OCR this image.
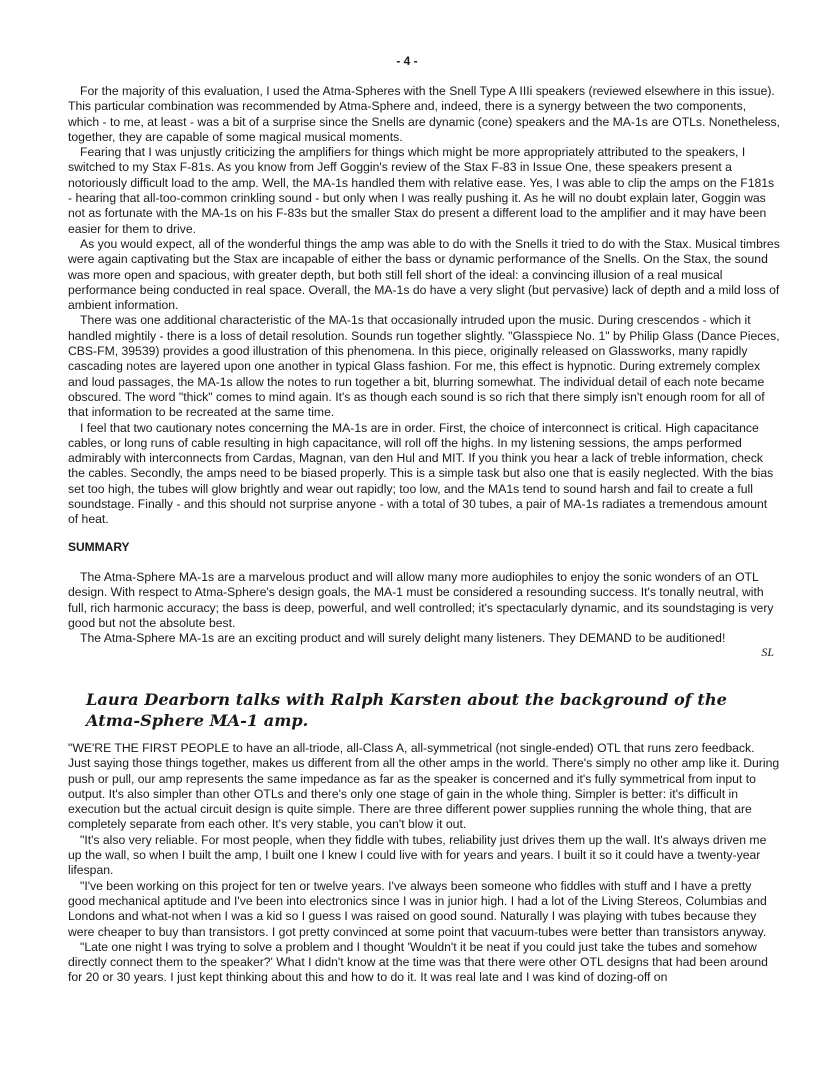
- 4 -

For the majority of this evaluation, I used the Atma-Spheres with the Snell Type A IIIi speakers (reviewed elsewhere in this issue). This particular combination was recommended by Atma-Sphere and, indeed, there is a synergy between the two components, which - to me, at least - was a bit of a surprise since the Snells are dynamic (cone) speakers and the MA-1s are OTLs. Nonetheless, together, they are capable of some magical musical moments.

Fearing that I was unjustly criticizing the amplifiers for things which might be more appropriately attributed to the speakers, I switched to my Stax F-81s. As you know from Jeff Goggin's review of the Stax F-83 in Issue One, these speakers present a notoriously difficult load to the amp. Well, the MA-1s handled them with relative ease. Yes, I was able to clip the amps on the F181s - hearing that all-too-common crinkling sound - but only when I was really pushing it. As he will no doubt explain later, Goggin was not as fortunate with the MA-1s on his F-83s but the smaller Stax do present a different load to the amplifier and it may have been easier for them to drive.

As you would expect, all of the wonderful things the amp was able to do with the Snells it tried to do with the Stax. Musical timbres were again captivating but the Stax are incapable of either the bass or dynamic performance of the Snells. On the Stax, the sound was more open and spacious, with greater depth, but both still fell short of the ideal: a convincing illusion of a real musical performance being conducted in real space. Overall, the MA-1s do have a very slight (but pervasive) lack of depth and a mild loss of ambient information.

There was one additional characteristic of the MA-1s that occasionally intruded upon the music. During crescendos - which it handled mightily - there is a loss of detail resolution. Sounds run together slightly. "Glasspiece No. 1" by Philip Glass (Dance Pieces, CBS-FM, 39539) provides a good illustration of this phenomena. In this piece, originally released on Glassworks, many rapidly cascading notes are layered upon one another in typical Glass fashion. For me, this effect is hypnotic. During extremely complex and loud passages, the MA-1s allow the notes to run together a bit, blurring somewhat. The individual detail of each note became obscured. The word "thick" comes to mind again. It's as though each sound is so rich that there simply isn't enough room for all of that information to be recreated at the same time.

I feel that two cautionary notes concerning the MA-1s are in order. First, the choice of interconnect is critical. High capacitance cables, or long runs of cable resulting in high capacitance, will roll off the highs. In my listening sessions, the amps performed admirably with interconnects from Cardas, Magnan, van den Hul and MIT. If you think you hear a lack of treble information, check the cables. Secondly, the amps need to be biased properly. This is a simple task but also one that is easily neglected. With the bias set too high, the tubes will glow brightly and wear out rapidly; too low, and the MA1s tend to sound harsh and fail to create a full soundstage. Finally - and this should not surprise anyone - with a total of 30 tubes, a pair of MA-1s radiates a tremendous amount of heat.

SUMMARY

The Atma-Sphere MA-1s are a marvelous product and will allow many more audiophiles to enjoy the sonic wonders of an OTL design. With respect to Atma-Sphere's design goals, the MA-1 must be considered a resounding success. It's tonally neutral, with full, rich harmonic accuracy; the bass is deep, powerful, and well controlled; it's spectacularly dynamic, and its soundstaging is very good but not the absolute best.

The Atma-Sphere MA-1s are an exciting product and will surely delight many listeners. They DEMAND to be auditioned!

SL
Laura Dearborn talks with Ralph Karsten about the background of the Atma-Sphere MA-1 amp.

"WE'RE THE FIRST PEOPLE to have an all-triode, all-Class A, all-symmetrical (not single-ended) OTL that runs zero feedback. Just saying those things together, makes us different from all the other amps in the world. There's simply no other amp like it. During push or pull, our amp represents the same impedance as far as the speaker is concerned and it's fully symmetrical from input to output. It's also simpler than other OTLs and there's only one stage of gain in the whole thing. Simpler is better: it's difficult in execution but the actual circuit design is quite simple. There are three different power supplies running the whole thing, that are completely separate from each other. It's very stable, you can't blow it out.

"It's also very reliable. For most people, when they fiddle with tubes, reliability just drives them up the wall. It's always driven me up the wall, so when I built the amp, I built one I knew I could live with for years and years. I built it so it could have a twenty-year lifespan.

"I've been working on this project for ten or twelve years. I've always been someone who fiddles with stuff and I have a pretty good mechanical aptitude and I've been into electronics since I was in junior high. I had a lot of the Living Stereos, Columbias and Londons and what-not when I was a kid so I guess I was raised on good sound. Naturally I was playing with tubes because they were cheaper to buy than transistors. I got pretty convinced at some point that vacuum-tubes were better than transistors anyway.

"Late one night I was trying to solve a problem and I thought 'Wouldn't it be neat if you could just take the tubes and somehow directly connect them to the speaker?' What I didn't know at the time was that there were other OTL designs that had been around for 20 or 30 years. I just kept thinking about this and how to do it. It was real late and I was kind of dozing-off on
